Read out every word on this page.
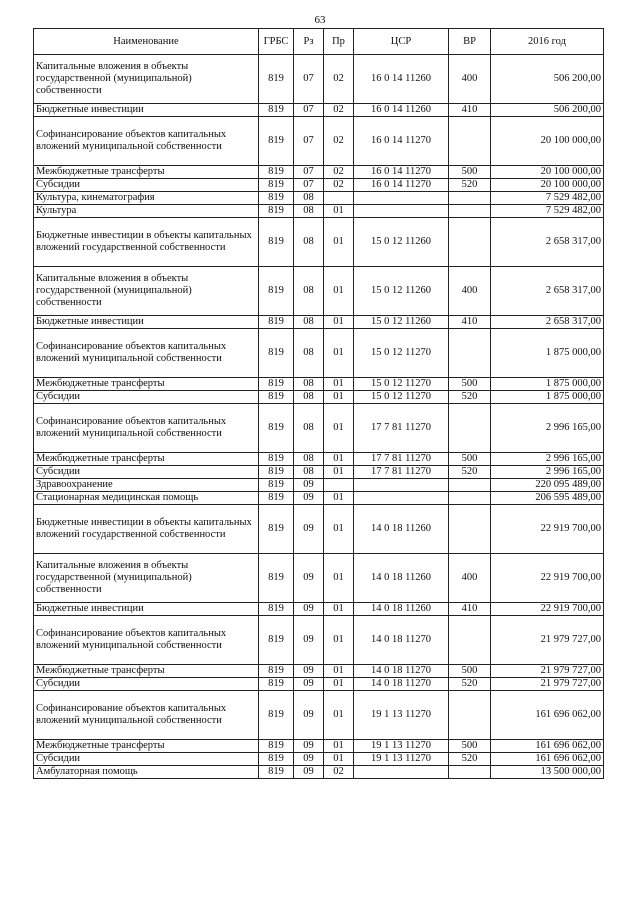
63
Наименование	ГРБС	Рз	Пр	ЦСР	ВР	2016 год
Капитальные вложения в объекты государственной (муниципальной) собственности	819	07	02	16 0 14 11260	400	506 200,00
Бюджетные инвестиции	819	07	02	16 0 14 11260	410	506 200,00
Софинансирование объектов капитальных вложений муниципальной собственности	819	07	02	16 0 14 11270		20 100 000,00
Межбюджетные трансферты	819	07	02	16 0 14 11270	500	20 100 000,00
Субсидии	819	07	02	16 0 14 11270	520	20 100 000,00
Культура, кинематография	819	08				7 529 482,00
Культура	819	08	01			7 529 482,00
Бюджетные инвестиции в объекты капитальных вложений государственной собственности	819	08	01	15 0 12 11260		2 658 317,00
Капитальные вложения в объекты государственной (муниципальной) собственности	819	08	01	15 0 12 11260	400	2 658 317,00
Бюджетные инвестиции	819	08	01	15 0 12 11260	410	2 658 317,00
Софинансирование объектов капитальных вложений муниципальной собственности	819	08	01	15 0 12 11270		1 875 000,00
Межбюджетные трансферты	819	08	01	15 0 12 11270	500	1 875 000,00
Субсидии	819	08	01	15 0 12 11270	520	1 875 000,00
Софинансирование объектов капитальных вложений муниципальной собственности	819	08	01	17 7 81 11270		2 996 165,00
Межбюджетные трансферты	819	08	01	17 7 81 11270	500	2 996 165,00
Субсидии	819	08	01	17 7 81 11270	520	2 996 165,00
Здравоохранение	819	09				220 095 489,00
Стационарная медицинская помощь	819	09	01			206 595 489,00
Бюджетные инвестиции в объекты капитальных вложений государственной собственности	819	09	01	14 0 18 11260		22 919 700,00
Капитальные вложения в объекты государственной (муниципальной) собственности	819	09	01	14 0 18 11260	400	22 919 700,00
Бюджетные инвестиции	819	09	01	14 0 18 11260	410	22 919 700,00
Софинансирование объектов капитальных вложений муниципальной собственности	819	09	01	14 0 18 11270		21 979 727,00
Межбюджетные трансферты	819	09	01	14 0 18 11270	500	21 979 727,00
Субсидии	819	09	01	14 0 18 11270	520	21 979 727,00
Софинансирование объектов капитальных вложений муниципальной собственности	819	09	01	19 1 13 11270		161 696 062,00
Межбюджетные трансферты	819	09	01	19 1 13 11270	500	161 696 062,00
Субсидии	819	09	01	19 1 13 11270	520	161 696 062,00
Амбулаторная помощь	819	09	02			13 500 000,00
